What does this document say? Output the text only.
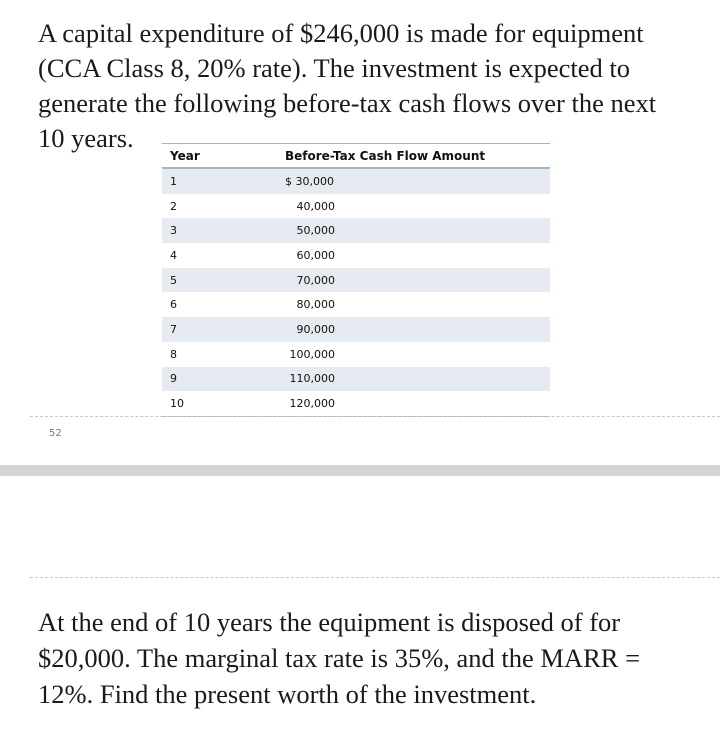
A capital expenditure of $246,000 is made for equipment
(CCA Class 8, 20% rate). The investment is expected to
generate the following before-tax cash flows over the next
10 years.

Year	Before-Tax Cash Flow Amount
1	$ 30,000
2	40,000
3	50,000
4	60,000
5	70,000
6	80,000
7	90,000
8	100,000
9	110,000
10	120,000
52

At the end of 10 years the equipment is disposed of for
$20,000. The marginal tax rate is 35%, and the MARR =
12%. Find the present worth of the investment.
